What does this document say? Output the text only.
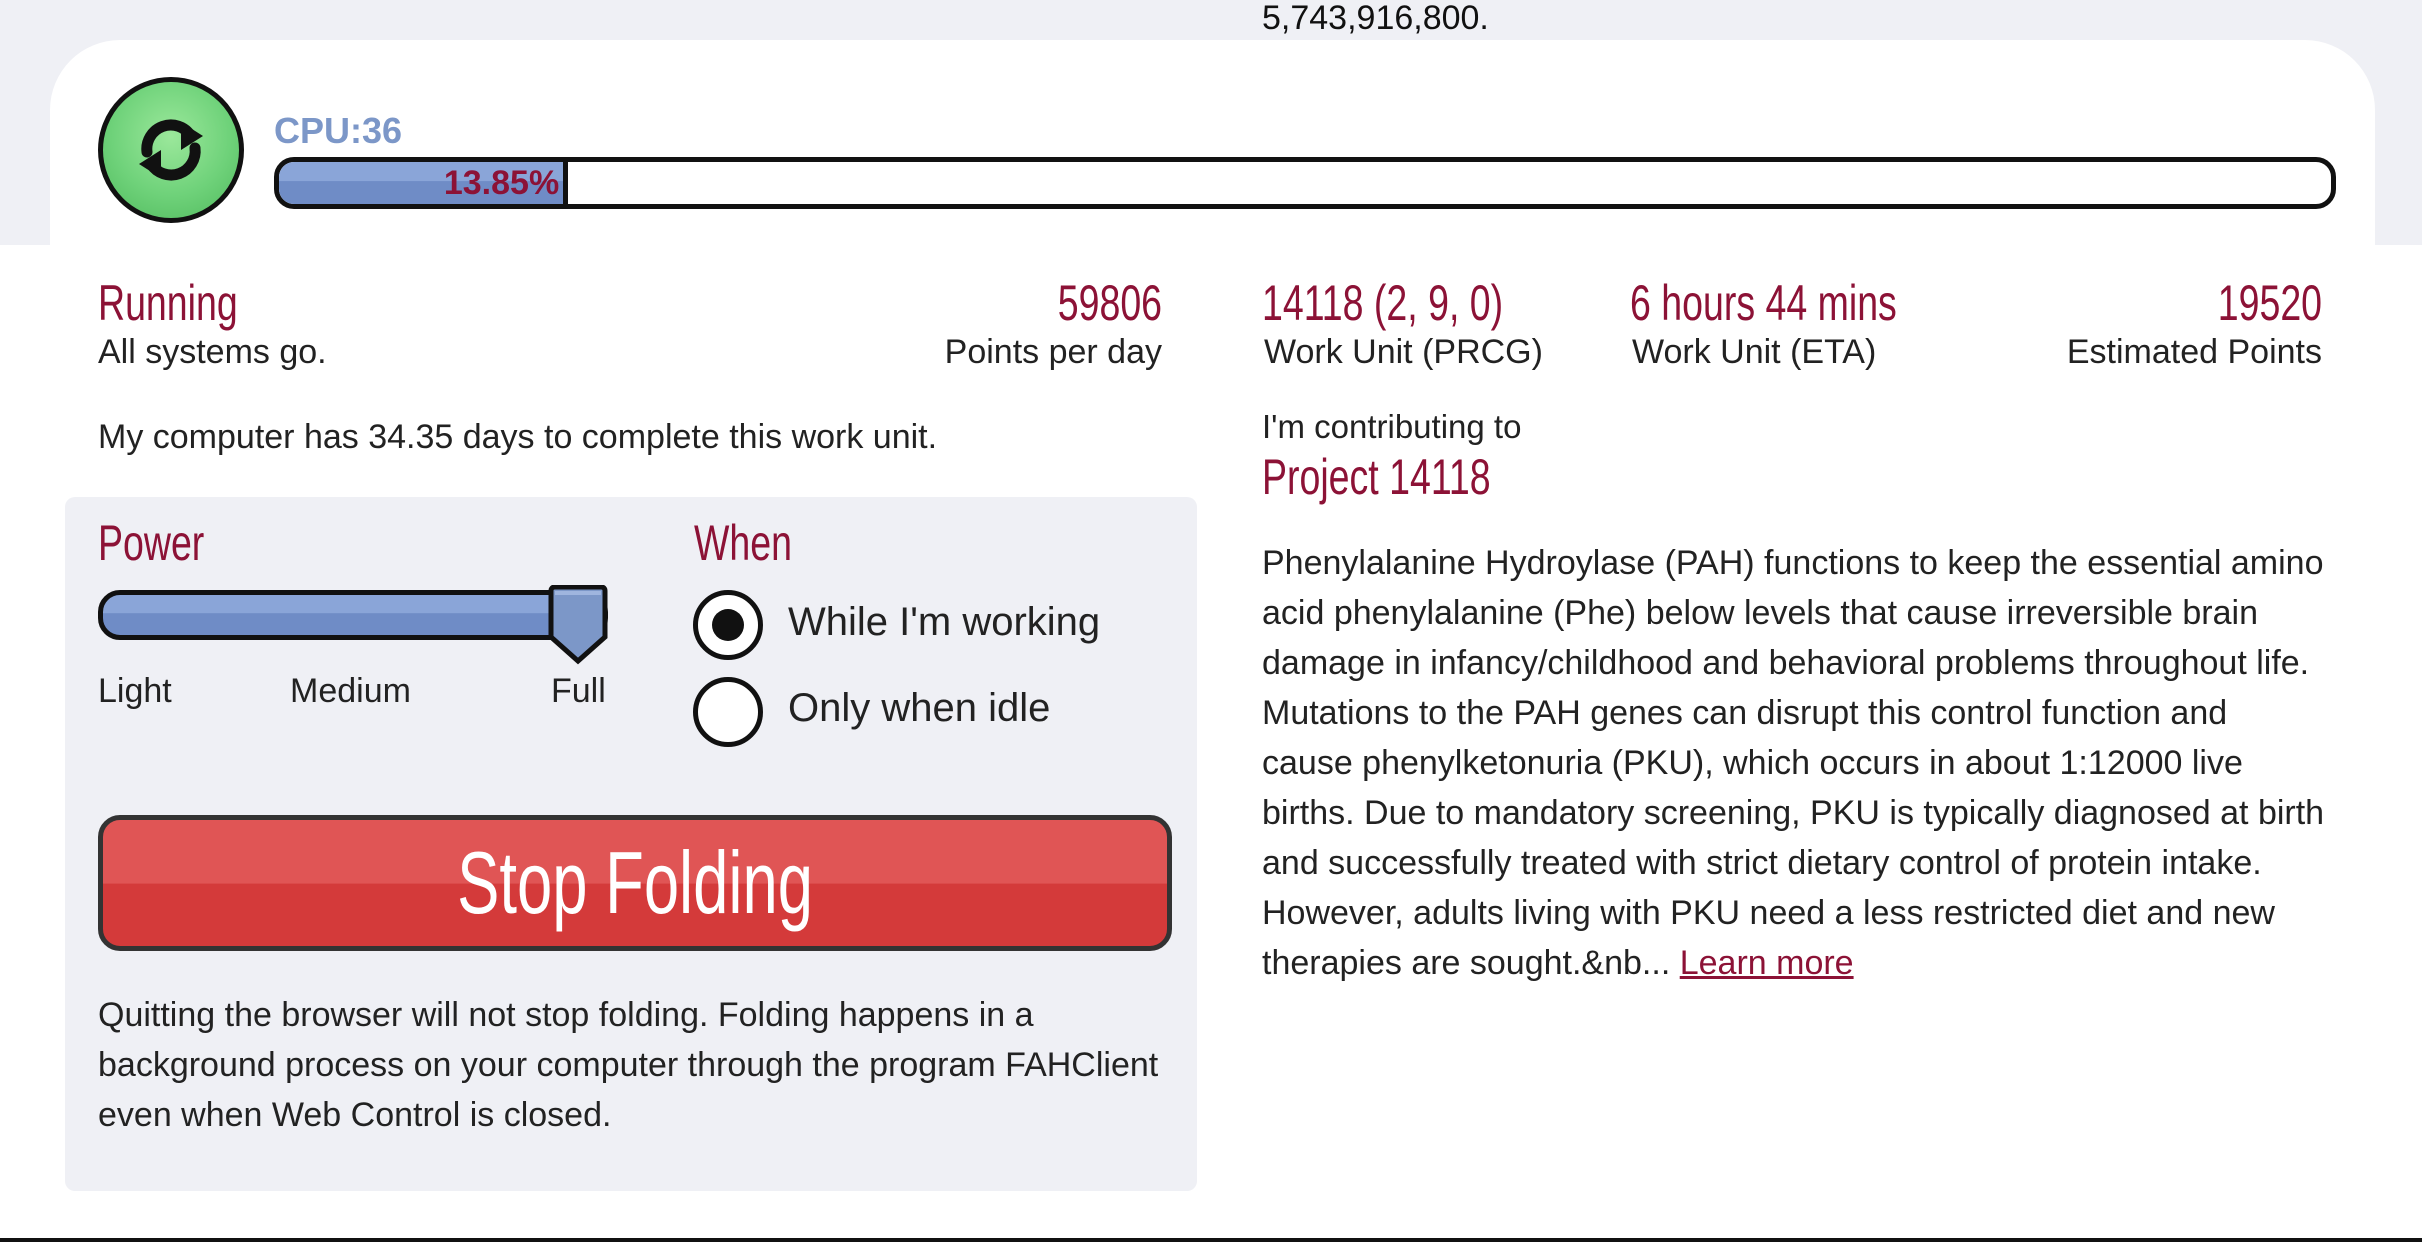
5,743,916,800.
CPU:36
13.85%
Running
All systems go.
59806
Points per day
14118 (2, 9, 0)
Work Unit (PRCG)
6 hours 44 mins
Work Unit (ETA)
19520
Estimated Points
My computer has 34.35 days to complete this work unit.
Power
Light	Medium	Full
When
While I'm working
Only when idle
Stop Folding
Quitting the browser will not stop folding. Folding happens in a background process on your computer through the program FAHClient even when Web Control is closed.
I'm contributing to
Project 14118
Phenylalanine Hydroylase (PAH) functions to keep the essential amino acid phenylalanine (Phe) below levels that cause irreversible brain damage in infancy/childhood and behavioral problems throughout life. Mutations to the PAH genes can disrupt this control function and cause phenylketonuria (PKU), which occurs in about 1:12000 live births. Due to mandatory screening, PKU is typically diagnosed at birth and successfully treated with strict dietary control of protein intake. However, adults living with PKU need a less restricted diet and new therapies are sought.&nb... Learn more
